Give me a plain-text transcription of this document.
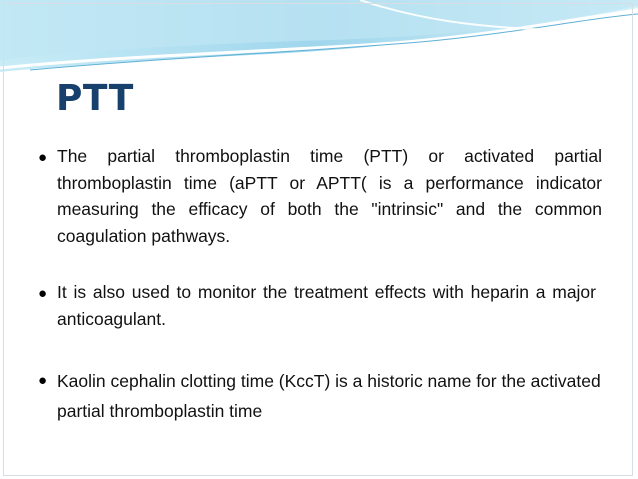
PTT
● The partial thromboplastin time (PTT) or activated partial thromboplastin time (aPTT or APTT( is a performance indicator measuring the efficacy of both the "intrinsic" and the common coagulation pathways.
● It is also used to monitor the treatment effects with heparin a major anticoagulant.
● Kaolin cephalin clotting time (KccT) is a historic name for the activated partial thromboplastin time
